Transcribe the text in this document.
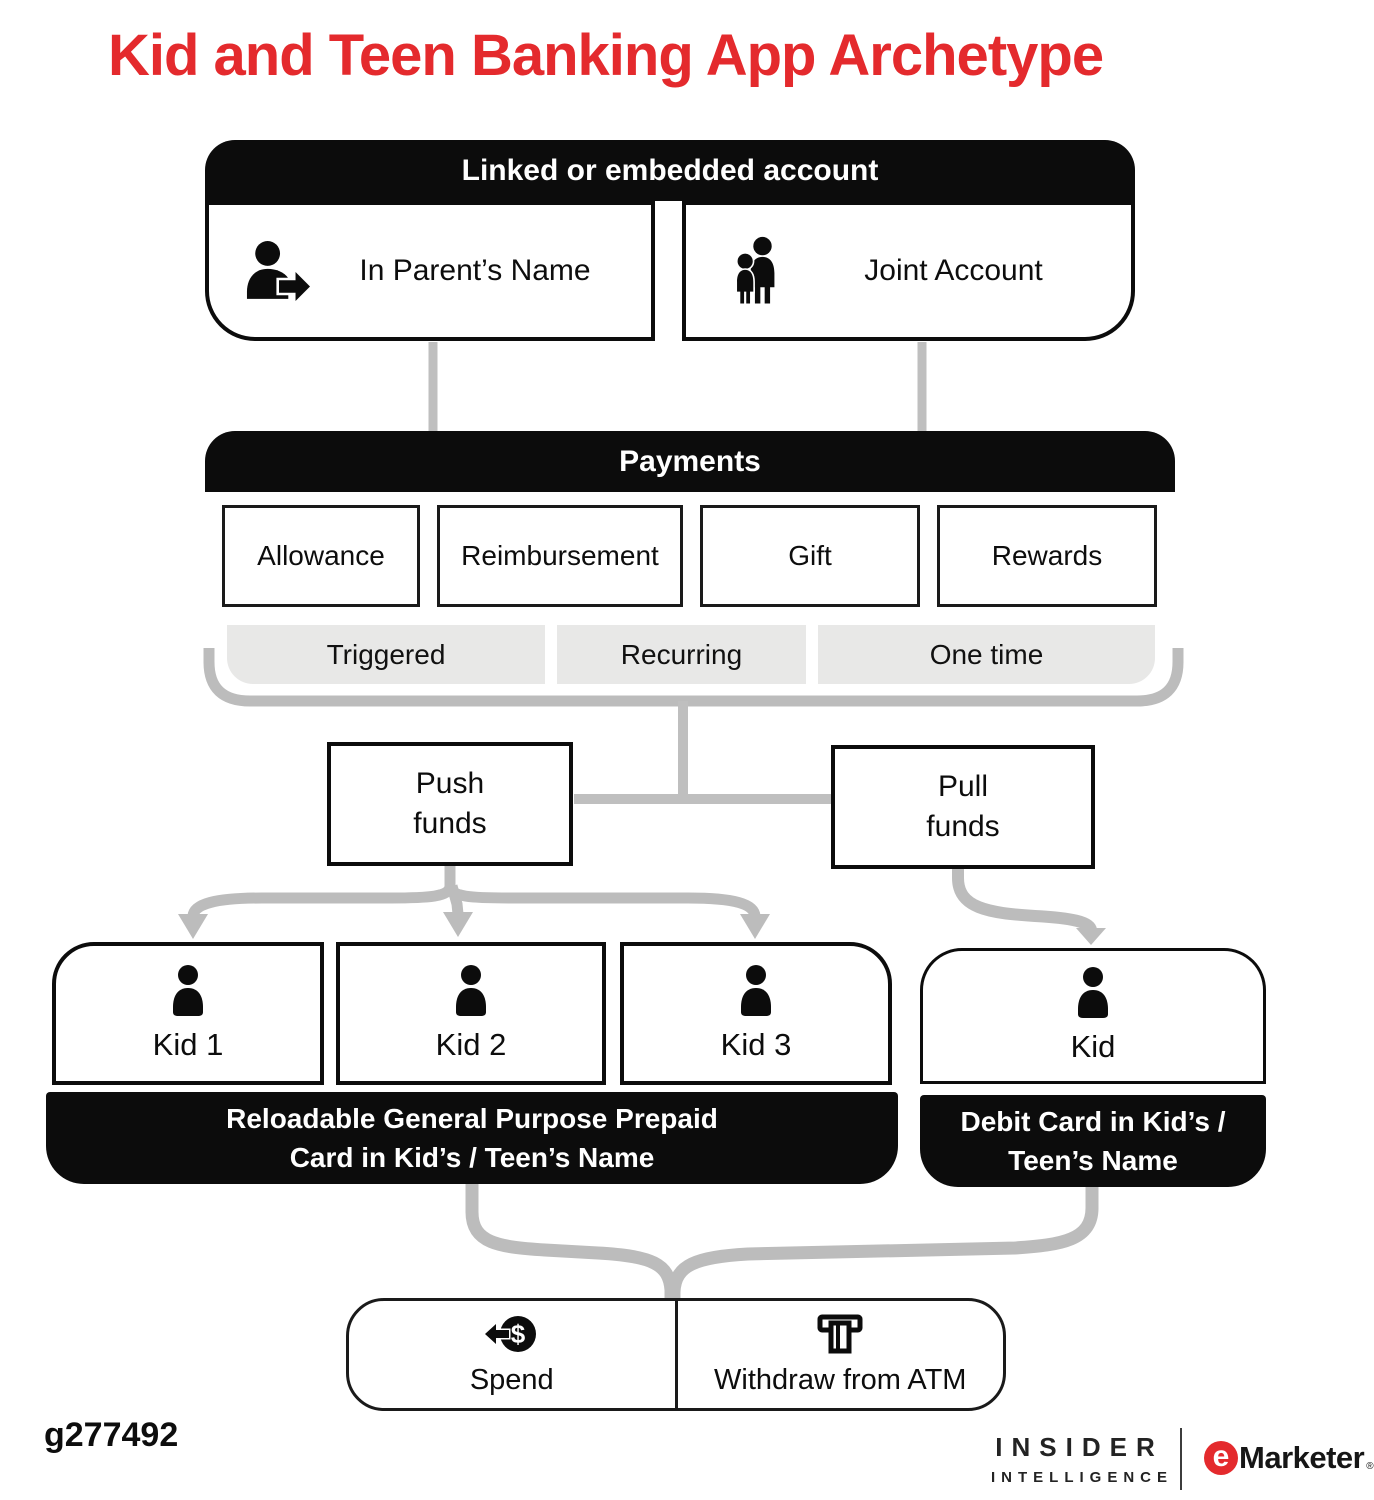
Kid and Teen Banking App Archetype
Linked or embedded account
In Parent’s Name	Joint Account
Payments
Allowance	Reimbursement	Gift	Rewards
Triggered	Recurring	One time
Push
funds
Pull
funds
Kid 1	Kid 2	Kid 3	Kid
Reloadable General Purpose Prepaid
Card in Kid’s / Teen’s Name
Debit Card in Kid’s /
Teen’s Name
$
Spend	Withdraw from ATM
g277492	INSIDER
INTELLIGENCE
e Marketer ®
